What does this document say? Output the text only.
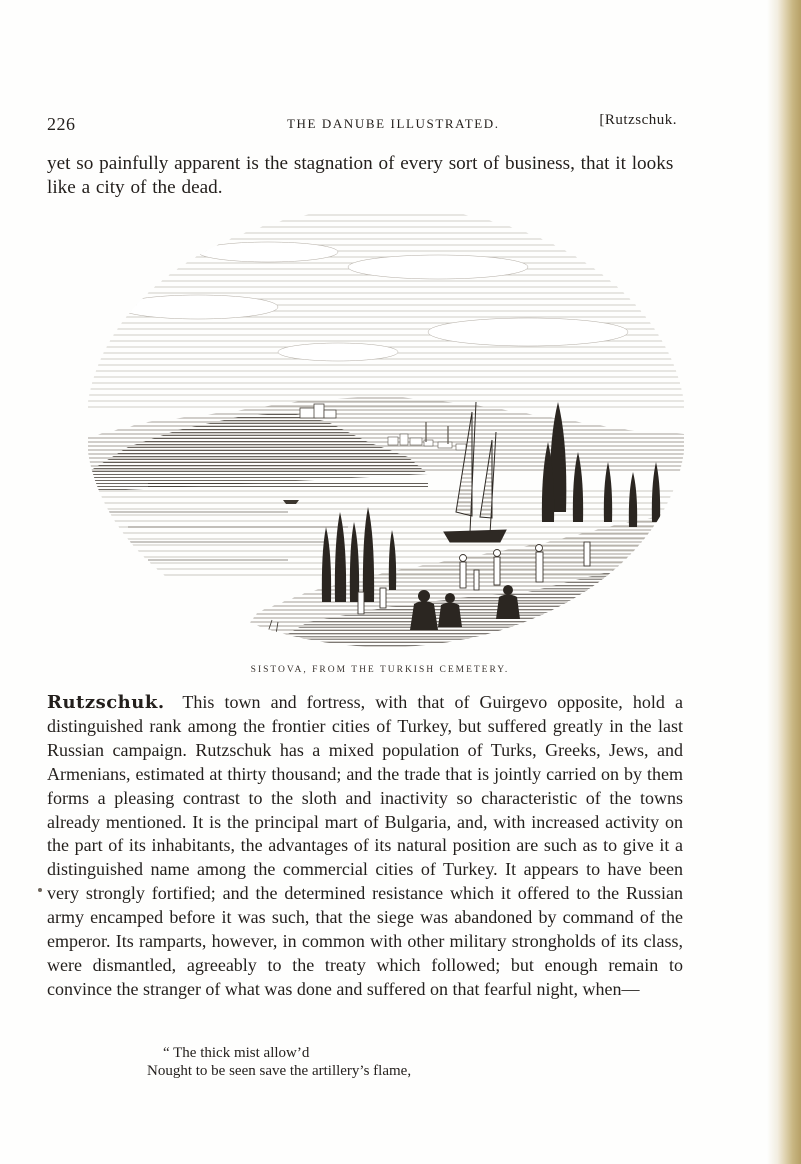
226	THE DANUBE ILLUSTRATED.	[Rutzschuk.

yet so painfully apparent is the stagnation of every sort of business, that it looks
like a city of the dead.

SISTOVA, FROM THE TURKISH CEMETERY.

Rutzschuk. This town and fortress, with that of Guirgevo opposite, hold a distinguished rank among the frontier cities of Turkey, but suffered greatly in the last Russian campaign. Rutzschuk has a mixed population of Turks, Greeks, Jews, and Armenians, estimated at thirty thousand; and the trade that is jointly carried on by them forms a pleasing contrast to the sloth and inactivity so characteristic of the towns already mentioned. It is the principal mart of Bulgaria, and, with increased activity on the part of its inhabitants, the advantages of its natural position are such as to give it a distinguished name among the commercial cities of Turkey. It appears to have been very strongly fortified; and the determined resistance which it offered to the Russian army encamped before it was such, that the siege was abandoned by command of the emperor. Its ramparts, however, in common with other military strongholds of its class, were dismantled, agreeably to the treaty which followed; but enough remain to convince the stranger of what was done and suffered on that fearful night, when—

“ The thick mist allow’d
Nought to be seen save the artillery’s flame,
